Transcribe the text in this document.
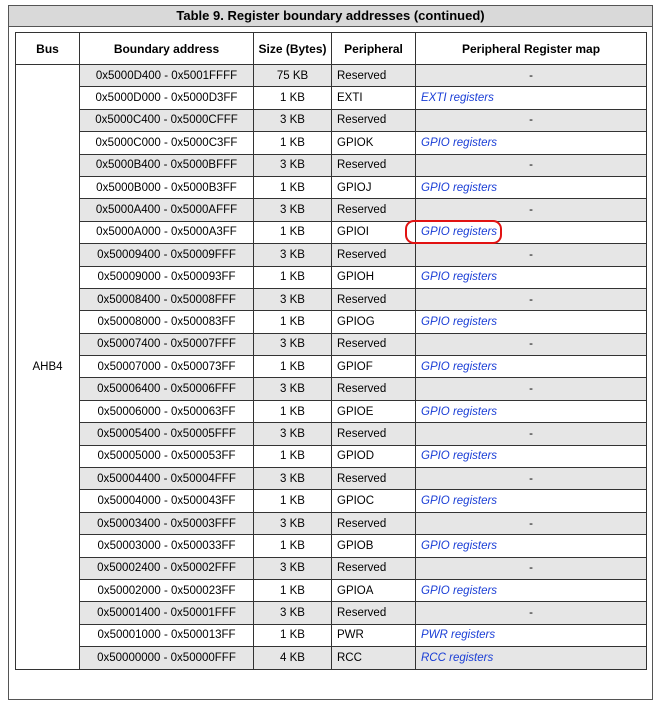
Table 9. Register boundary addresses (continued)
Bus	Boundary address	Size (Bytes)	Peripheral	Peripheral Register map
AHB4	0x5000D400 - 0x5001FFFF	75 KB	Reserved	-
	0x5000D000 - 0x5000D3FF	1 KB	EXTI	EXTI registers
	0x5000C400 - 0x5000CFFF	3 KB	Reserved	-
	0x5000C000 - 0x5000C3FF	1 KB	GPIOK	GPIO registers
	0x5000B400 - 0x5000BFFF	3 KB	Reserved	-
	0x5000B000 - 0x5000B3FF	1 KB	GPIOJ	GPIO registers
	0x5000A400 - 0x5000AFFF	3 KB	Reserved	-
	0x5000A000 - 0x5000A3FF	1 KB	GPIOI	GPIO registers
	0x50009400 - 0x50009FFF	3 KB	Reserved	-
	0x50009000 - 0x500093FF	1 KB	GPIOH	GPIO registers
	0x50008400 - 0x50008FFF	3 KB	Reserved	-
	0x50008000 - 0x500083FF	1 KB	GPIOG	GPIO registers
	0x50007400 - 0x50007FFF	3 KB	Reserved	-
	0x50007000 - 0x500073FF	1 KB	GPIOF	GPIO registers
	0x50006400 - 0x50006FFF	3 KB	Reserved	-
	0x50006000 - 0x500063FF	1 KB	GPIOE	GPIO registers
	0x50005400 - 0x50005FFF	3 KB	Reserved	-
	0x50005000 - 0x500053FF	1 KB	GPIOD	GPIO registers
	0x50004400 - 0x50004FFF	3 KB	Reserved	-
	0x50004000 - 0x500043FF	1 KB	GPIOC	GPIO registers
	0x50003400 - 0x50003FFF	3 KB	Reserved	-
	0x50003000 - 0x500033FF	1 KB	GPIOB	GPIO registers
	0x50002400 - 0x50002FFF	3 KB	Reserved	-
	0x50002000 - 0x500023FF	1 KB	GPIOA	GPIO registers
	0x50001400 - 0x50001FFF	3 KB	Reserved	-
	0x50001000 - 0x500013FF	1 KB	PWR	PWR registers
	0x50000000 - 0x50000FFF	4 KB	RCC	RCC registers
